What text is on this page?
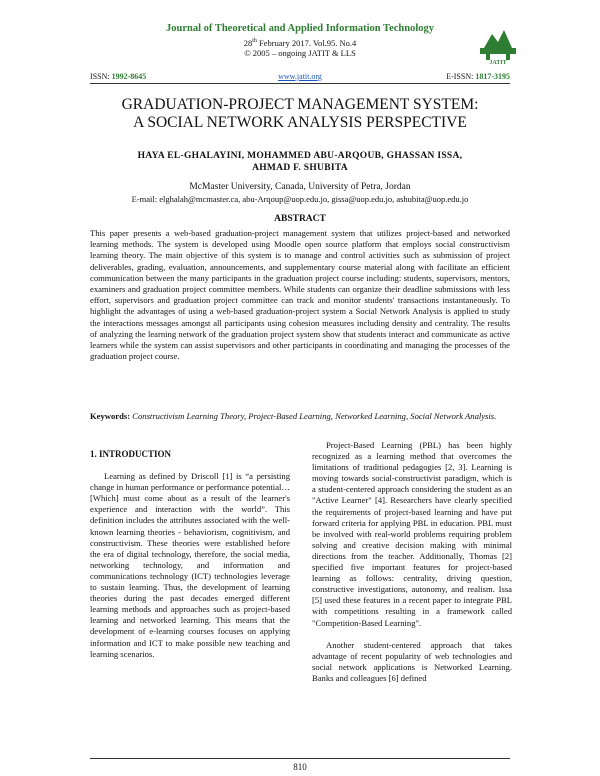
Journal of Theoretical and Applied Information Technology
28th February 2017. Vol.95. No.4
© 2005 – ongoing JATIT & LLS
JATIT
ISSN: 1992-8645	www.jatit.org	E-ISSN: 1817-3195
GRADUATION-PROJECT MANAGEMENT SYSTEM:
A SOCIAL NETWORK ANALYSIS PERSPECTIVE
HAYA EL-GHALAYINI, MOHAMMED ABU-ARQOUB, GHASSAN ISSA,
AHMAD F. SHUBITA
McMaster University, Canada, University of Petra, Jordan
E-mail: elghalah@mcmaster.ca, abu-Arqoup@uop.edu.jo, gissa@uop.edu.jo, ashubita@uop.edu.jo
ABSTRACT
This paper presents a web-based graduation-project management system that utilizes project-based and networked learning methods. The system is developed using Moodle open source platform that employs social constructivism learning theory. The main objective of this system is to manage and control activities such as submission of project deliverables, grading, evaluation, announcements, and supplementary course material along with facilitate an efficient communication between the many participants in the graduation project course including: students, supervisors, mentors, examiners and graduation project committee members. While students can organize their deadline submissions with less effort, supervisors and graduation project committee can track and monitor students' transactions instantaneously. To highlight the advantages of using a web-based graduation-project system a Social Network Analysis is applied to study the interactions messages amongst all participants using cohesion measures including density and centrality. The results of analyzing the learning network of the graduation project system show that students interact and communicate as active learners while the system can assist supervisors and other participants in coordinating and managing the processes of the graduation project course.
Keywords: Constructivism Learning Theory, Project-Based Learning, Networked Learning, Social Network Analysis.
1. INTRODUCTION

Learning as defined by Driscoll [1] is “a persisting change in human performance or performance potential… [Which] must come about as a result of the learner's experience and interaction with the world”. This definition includes the attributes associated with the well-known learning theories - behaviorism, cognitivism, and constructivism. These theories were established before the era of digital technology, therefore, the social media, networking technology, and information and communications technology (ICT) technologies leverage to sustain learning. Thus, the development of learning theories during the past decades emerged different learning methods and approaches such as project-based learning and networked learning. This means that the development of e-learning courses focuses on applying information and ICT to make possible new teaching and learning scenarios.

Project-Based Learning (PBL) has been highly recognized as a learning method that overcomes the limitations of traditional pedagogies [2, 3]. Learning is moving towards social-constructivist paradigm, which is a student-centered approach considering the student as an "Active Learner" [4]. Researchers have clearly specified the requirements of project-based learning and have put forward criteria for applying PBL in education. PBL must be involved with real-world problems requiring problem solving and creative decision making with minimal directions from the teacher. Additionally, Thomas [2] specified five important features for project-based learning as follows: centrality, driving question, constructive investigations, autonomy, and realism. Issa [5] used these features in a recent paper to integrate PBL with competitions resulting in a framework called "Competition-Based Learning".

Another student-centered approach that takes advantage of recent popularity of web technologies and social network applications is Networked Learning. Banks and colleagues [6] defined

810
